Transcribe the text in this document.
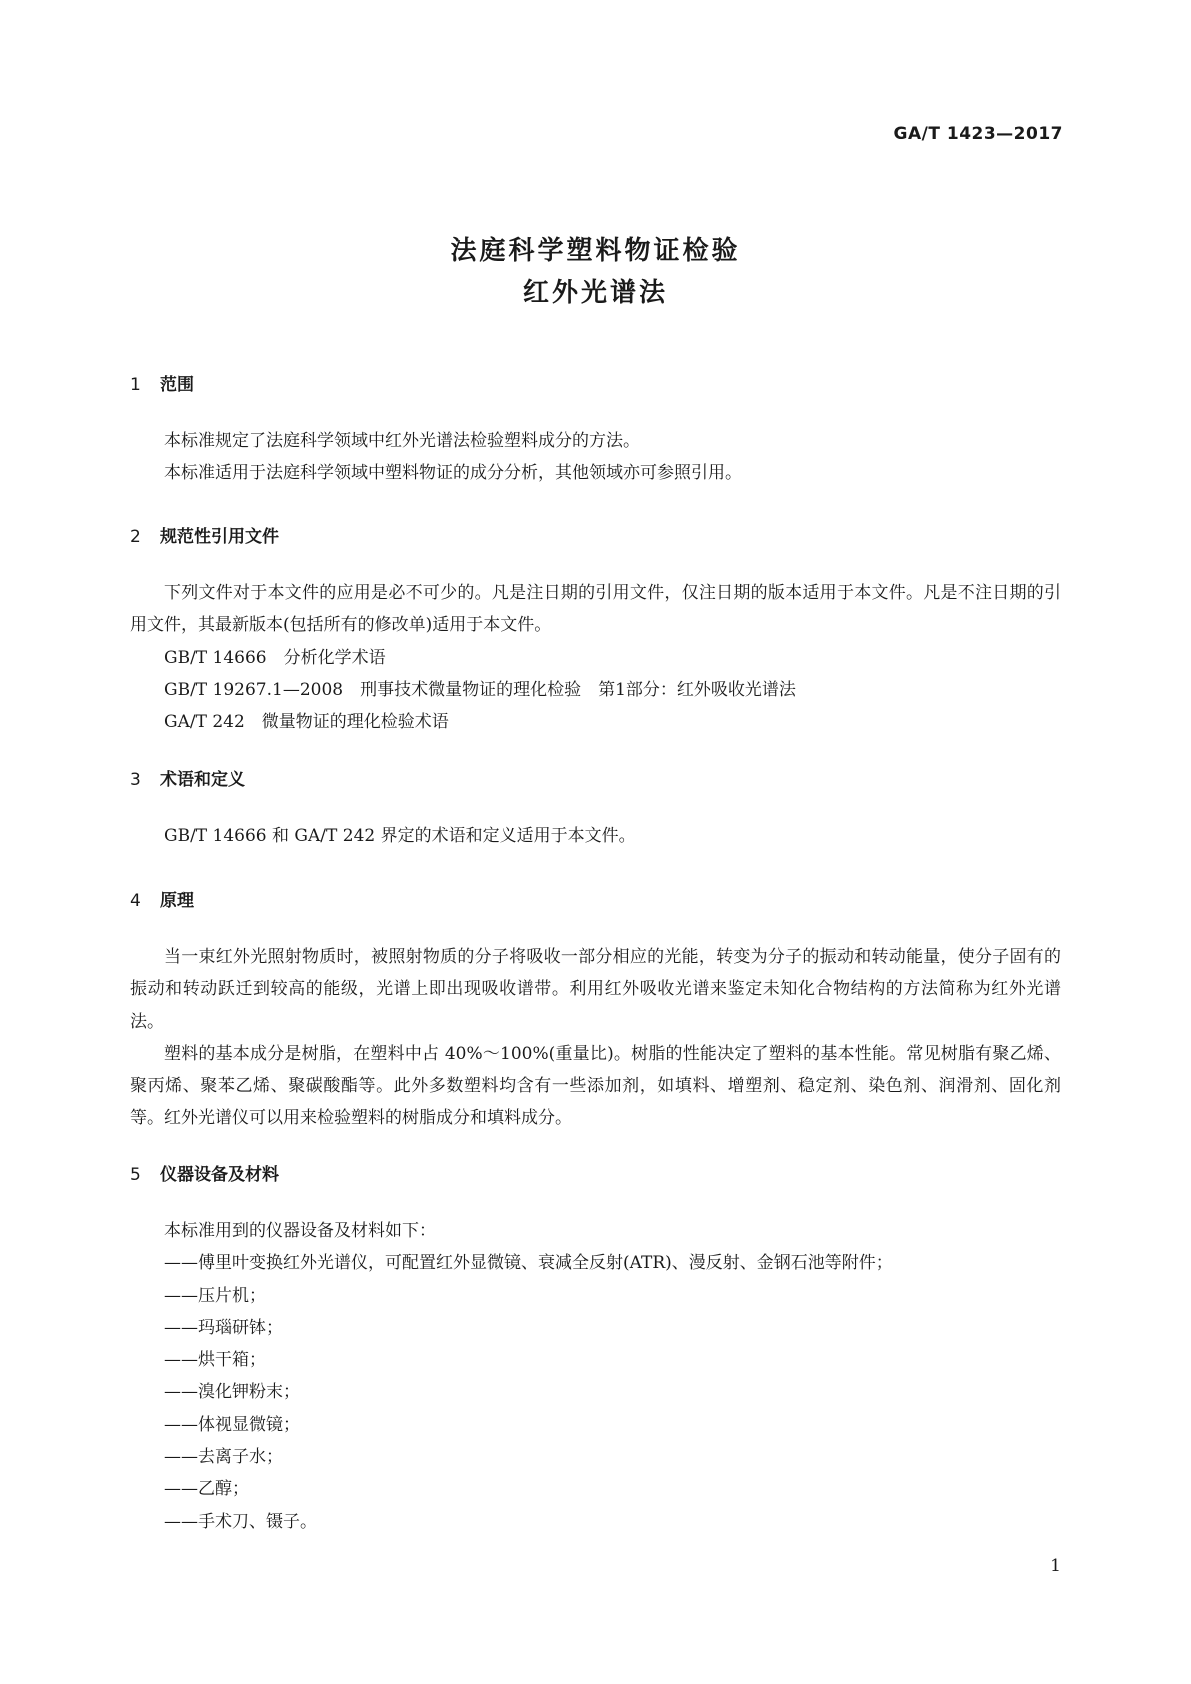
GA/T 1423—2017
法庭科学塑料物证检验
红外光谱法
1 范围
本标准规定了法庭科学领域中红外光谱法检验塑料成分的方法。
本标准适用于法庭科学领域中塑料物证的成分分析，其他领域亦可参照引用。
2 规范性引用文件
下列文件对于本文件的应用是必不可少的。凡是注日期的引用文件，仅注日期的版本适用于本文件。凡是不注日期的引用文件，其最新版本(包括所有的修改单)适用于本文件。
GB/T 14666　分析化学术语
GB/T 19267.1—2008　刑事技术微量物证的理化检验　第1部分：红外吸收光谱法
GA/T 242　微量物证的理化检验术语
3 术语和定义
GB/T 14666 和 GA/T 242 界定的术语和定义适用于本文件。
4 原理
当一束红外光照射物质时，被照射物质的分子将吸收一部分相应的光能，转变为分子的振动和转动能量，使分子固有的振动和转动跃迁到较高的能级，光谱上即出现吸收谱带。利用红外吸收光谱来鉴定未知化合物结构的方法简称为红外光谱法。
塑料的基本成分是树脂，在塑料中占 40%～100%(重量比)。树脂的性能决定了塑料的基本性能。常见树脂有聚乙烯、聚丙烯、聚苯乙烯、聚碳酸酯等。此外多数塑料均含有一些添加剂，如填料、增塑剂、稳定剂、染色剂、润滑剂、固化剂等。红外光谱仪可以用来检验塑料的树脂成分和填料成分。
5 仪器设备及材料
本标准用到的仪器设备及材料如下：
——傅里叶变换红外光谱仪，可配置红外显微镜、衰减全反射(ATR)、漫反射、金钢石池等附件；
——压片机；
——玛瑙研钵；
——烘干箱；
——溴化钾粉末；
——体视显微镜；
——去离子水；
——乙醇；
——手术刀、镊子。
1
